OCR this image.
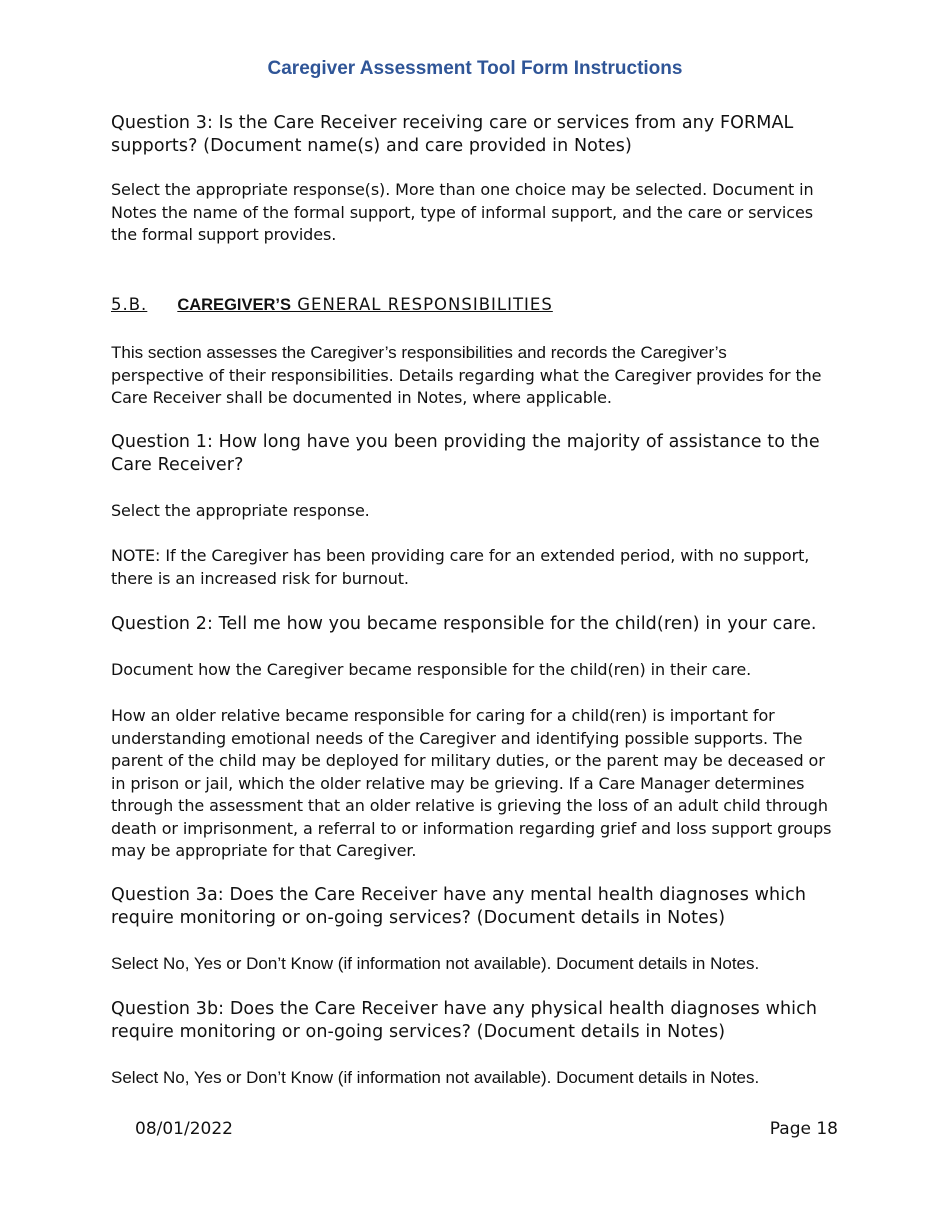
Caregiver Assessment Tool Form Instructions
Question 3: Is the Care Receiver receiving care or services from any FORMAL supports? (Document name(s) and care provided in Notes)
Select the appropriate response(s). More than one choice may be selected. Document in Notes the name of the formal support, type of informal support, and the care or services the formal support provides.
5.B. CAREGIVER’S GENERAL RESPONSIBILITIES
This section assesses the Caregiver’s responsibilities and records the Caregiver’s
perspective of their responsibilities. Details regarding what the Caregiver provides for the Care Receiver shall be documented in Notes, where applicable.
Question 1: How long have you been providing the majority of assistance to the Care Receiver?
Select the appropriate response.
NOTE: If the Caregiver has been providing care for an extended period, with no support, there is an increased risk for burnout.
Question 2: Tell me how you became responsible for the child(ren) in your care.
Document how the Caregiver became responsible for the child(ren) in their care.
How an older relative became responsible for caring for a child(ren) is important for understanding emotional needs of the Caregiver and identifying possible supports. The parent of the child may be deployed for military duties, or the parent may be deceased or in prison or jail, which the older relative may be grieving. If a Care Manager determines through the assessment that an older relative is grieving the loss of an adult child through death or imprisonment, a referral to or information regarding grief and loss support groups may be appropriate for that Caregiver.
Question 3a: Does the Care Receiver have any mental health diagnoses which require monitoring or on-going services? (Document details in Notes)
Select No, Yes or Don’t Know (if information not available). Document details in Notes.
Question 3b: Does the Care Receiver have any physical health diagnoses which require monitoring or on-going services? (Document details in Notes)
Select No, Yes or Don’t Know (if information not available). Document details in Notes.
08/01/2022	Page 18
